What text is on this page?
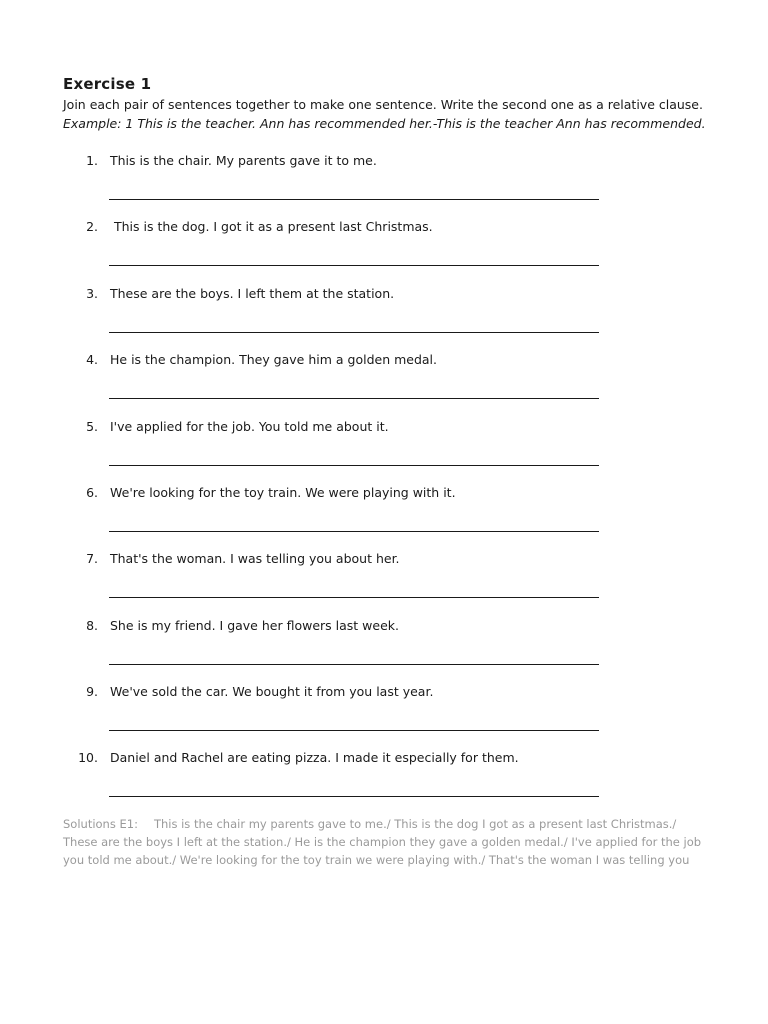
Exercise 1
Join each pair of sentences together to make one sentence. Write the second one as a relative clause.
Example: 1 This is the teacher. Ann has recommended her.-This is the teacher Ann has recommended.
1. This is the chair. My parents gave it to me.
2. This is the dog. I got it as a present last Christmas.
3. These are the boys. I left them at the station.
4. He is the champion. They gave him a golden medal.
5. I've applied for the job. You told me about it.
6. We're looking for the toy train. We were playing with it.
7. That's the woman. I was telling you about her.
8. She is my friend. I gave her flowers last week.
9. We've sold the car. We bought it from you last year.
10. Daniel and Rachel are eating pizza. I made it especially for them.
Solutions E1: This is the chair my parents gave to me./ This is the dog I got as a present last Christmas./ These are the boys I left at the station./ He is the champion they gave a golden medal./ I've applied for the job you told me about./ We're looking for the toy train we were playing with./ That's the woman I was telling you
